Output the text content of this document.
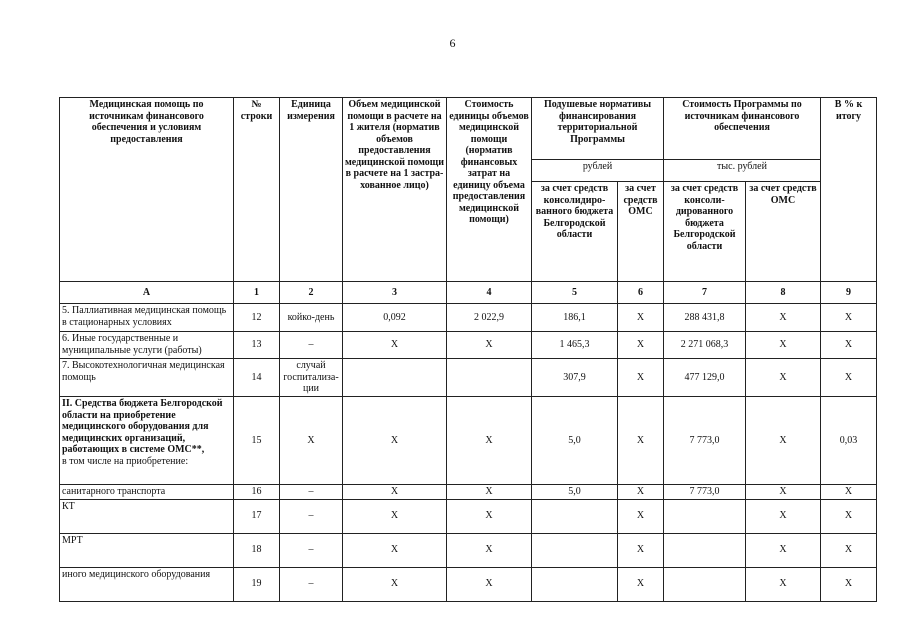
6
Медицинская помощь по источникам финансового обеспечения и условиям предоставления	№ строки	Единица измерения	Объем медицинской помощи в расчете на 1 жителя (норматив объемов предоставления медицинской помощи в расчете на 1 застра-хованное лицо)	Стоимость единицы объемов медицинской помощи (норматив финансовых затрат на единицу объема предоставления медицинской помощи)	Подушевые нормативы финансирования территориальной Программы		Стоимость Программы по источникам финансового обеспечения		В % к итогу
					рублей		тыс. рублей		
					за счет средств консолидиро-ванного бюджета Белгородской области	за счет средств ОМС	за счет средств консоли-дированного бюджета Белгородской области	за счет средств ОМС	
А	1	2	3	4	5	6	7	8	9
5. Паллиативная медицинская помощь в стационарных условиях	12	койко-день	0,092	2 022,9	186,1	Х	288 431,8	Х	Х
6. Иные государственные и муниципальные услуги (работы)	13	–	Х	Х	1 465,3	Х	2 271 068,3	Х	Х
7. Высокотехнологичная медицинская помощь	14	случай госпитализа-ции			307,9	Х	477 129,0	Х	Х
II. Средства бюджета Белгородской области на приобретение медицинского оборудования для медицинских организаций, работающих в системе ОМС**,
в том числе на приобретение:	15	Х	Х	Х	5,0	Х	7 773,0	Х	0,03
санитарного транспорта	16	–	Х	Х	5,0	Х	7 773,0	Х	Х
КТ	17	–	Х	Х		Х		Х	Х
МРТ	18	–	Х	Х		Х		Х	Х
иного медицинского оборудования	19	–	Х	Х		Х		Х	Х
